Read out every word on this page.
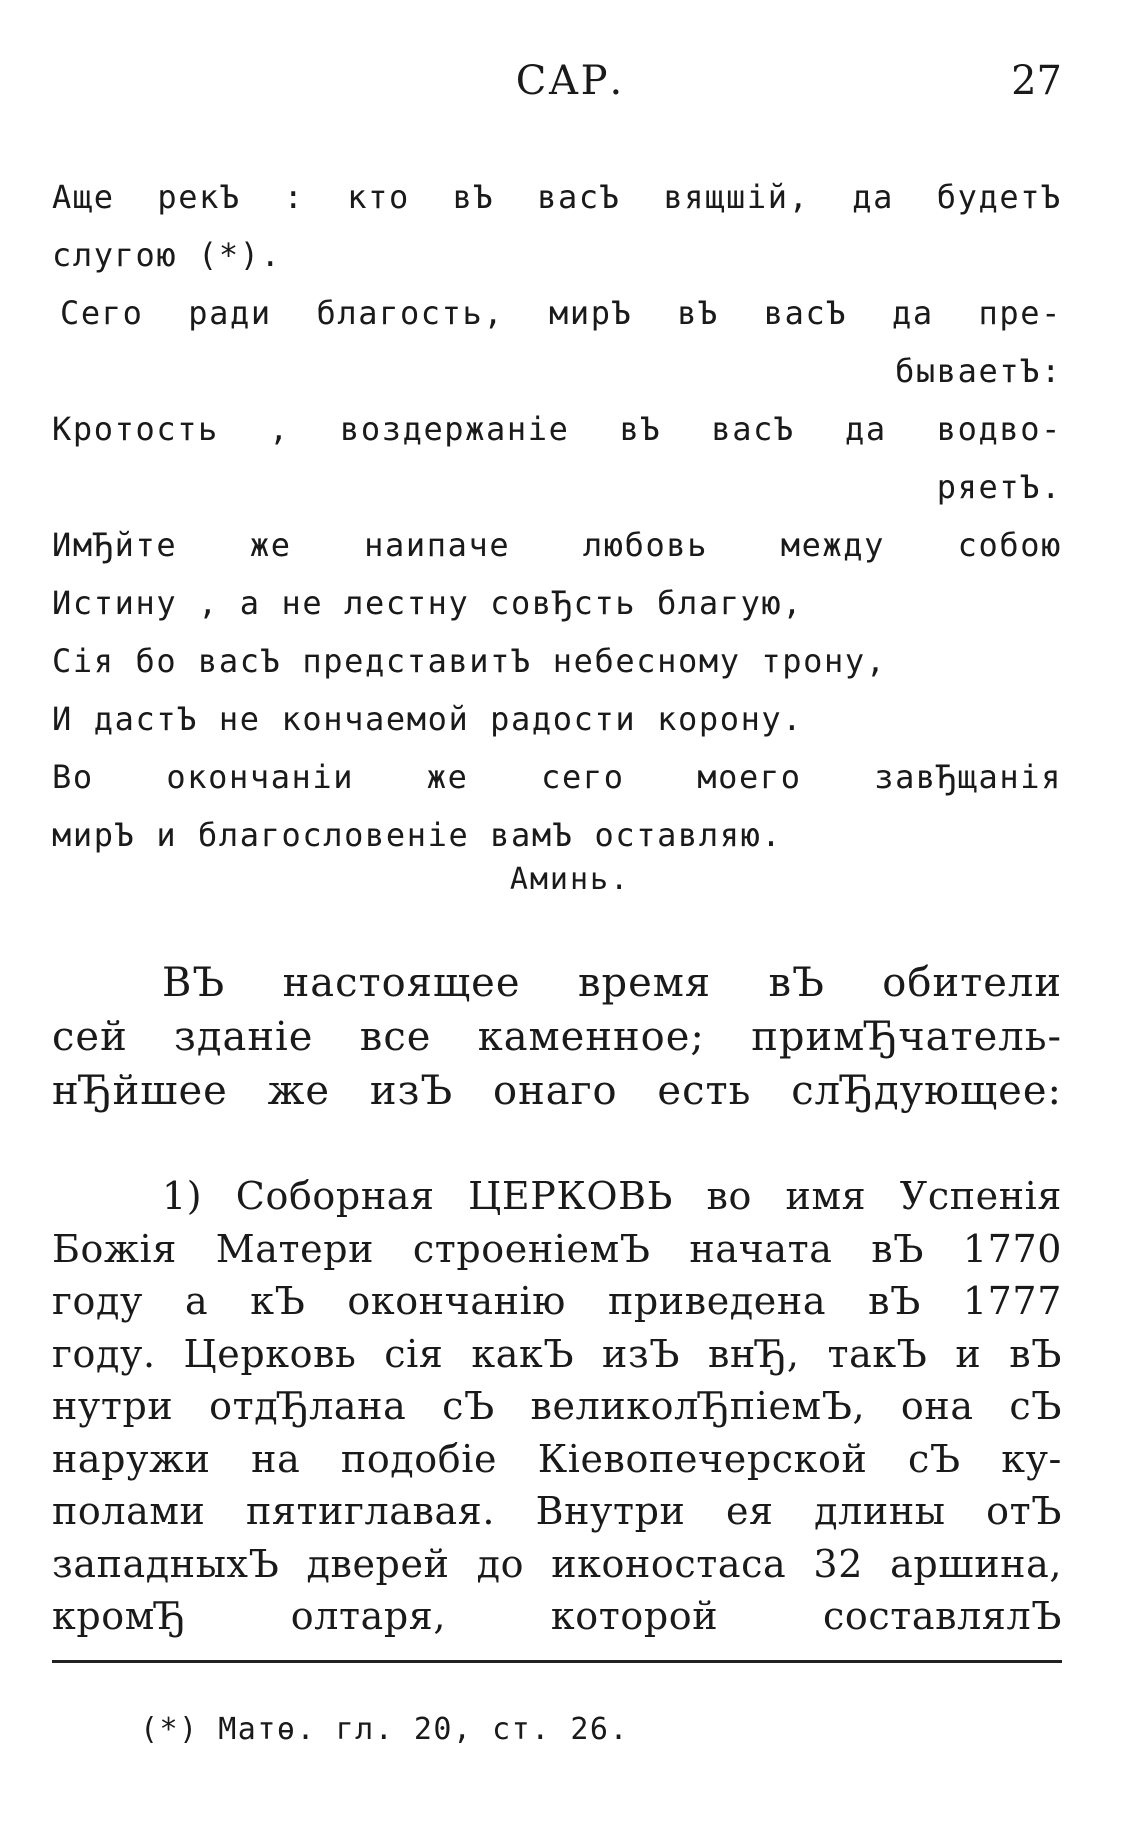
САР.	27
Аще рекЪ : кто вЪ васЪ вящшій, да будетЪ
слугою (*).
Сего ради благость, мирЪ вЪ васЪ да пре-
бываетЪ:
Кротость , воздержаніе вЪ васЪ да водво-
ряетЪ.
ИмЂйте же наипаче любовь между собою
Истину , а не лестну совЂсть благую,
Сія бо васЪ представитЪ небесному трону,
И дастЪ не кончаемой радости корону.
Во окончаніи же сего моего завЂщанія
мирЪ и благословеніе вамЪ оставляю.
Аминь.
ВЪ настоящее время вЪ обители
сей зданіе все каменное; примЂчатель-
нЂйшее же изЪ онаго есть слЂдующее:
1) Соборная ЦЕРКОВЬ во имя Успенія
Божія Матери строеніемЪ начата вЪ 1770
году а кЪ окончанію приведена вЪ 1777
году. Церковь сія какЪ изЪ внЂ, такЪ и вЪ
нутри отдЂлана сЪ великолЂпіемЪ, она сЪ
наружи на подобіе Кіевопечерской сЪ ку-
полами пятиглавая. Внутри ея длины отЪ
западныхЪ дверей до иконостаса 32 аршина,
кромЂ олтаря, которой составлялЪ
(*) Матѳ. гл. 20, ст. 26.
